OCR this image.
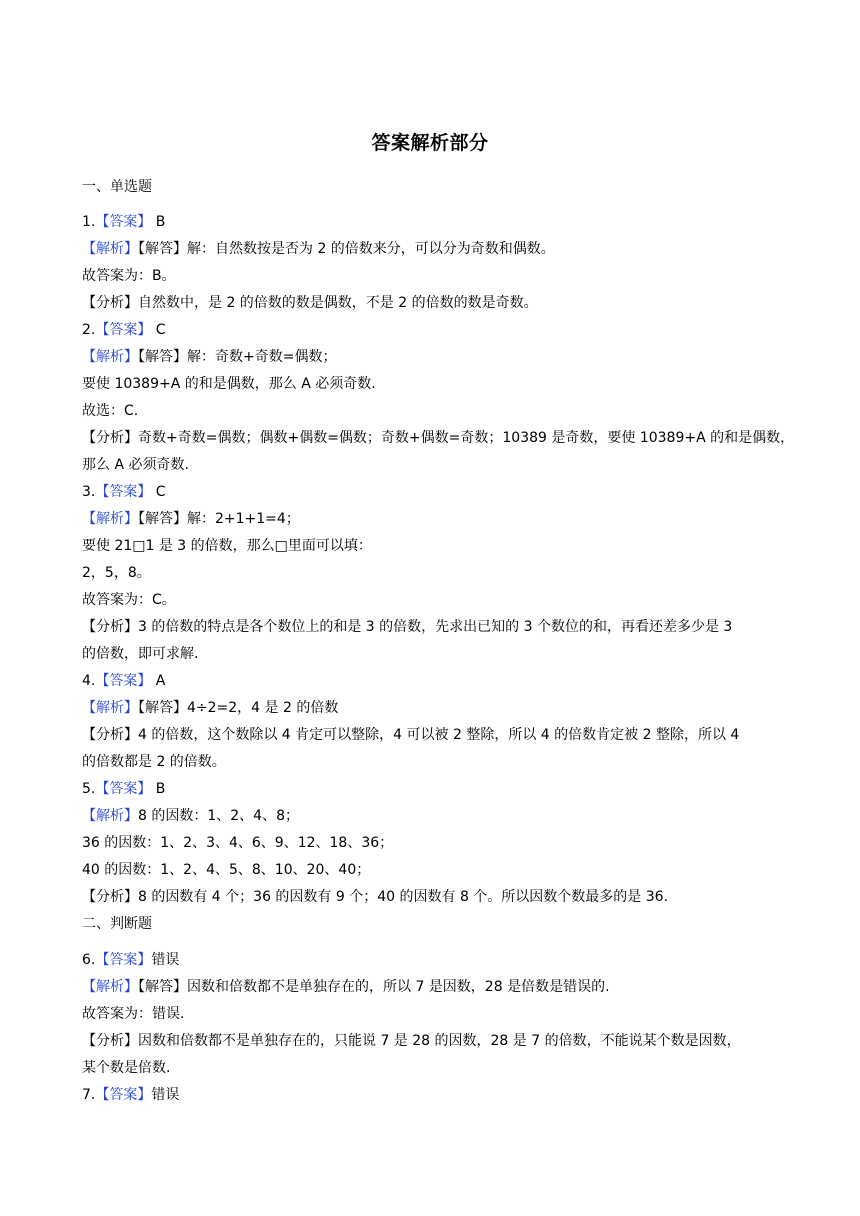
答案解析部分
一、单选题
1.【答案】 B
【解析】【解答】解：自然数按是否为 2 的倍数来分，可以分为奇数和偶数。
故答案为：B。
【分析】自然数中，是 2 的倍数的数是偶数，不是 2 的倍数的数是奇数。
2.【答案】 C
【解析】【解答】解：奇数+奇数=偶数；
要使 10389+A 的和是偶数，那么 A 必须奇数.
故选：C.
【分析】奇数+奇数=偶数；偶数+偶数=偶数；奇数+偶数=奇数；10389 是奇数，要使 10389+A 的和是偶数，
那么 A 必须奇数.
3.【答案】 C
【解析】【解答】解：2+1+1=4；
要使 21□1 是 3 的倍数，那么□里面可以填：
2，5，8。
故答案为：C。
【分析】3 的倍数的特点是各个数位上的和是 3 的倍数，先求出已知的 3 个数位的和，再看还差多少是 3
的倍数，即可求解.
4.【答案】 A
【解析】【解答】4÷2=2，4 是 2 的倍数
【分析】4 的倍数，这个数除以 4 肯定可以整除，4 可以被 2 整除，所以 4 的倍数肯定被 2 整除，所以 4
的倍数都是 2 的倍数。
5.【答案】 B
【解析】8 的因数：1、2、4、8；
36 的因数：1、2、3、4、6、9、12、18、36；
40 的因数：1、2、4、5、8、10、20、40；
【分析】8 的因数有 4 个；36 的因数有 9 个；40 的因数有 8 个。所以因数个数最多的是 36.
二、判断题
6.【答案】错误
【解析】【解答】因数和倍数都不是单独存在的，所以 7 是因数，28 是倍数是错误的.
故答案为：错误.
【分析】因数和倍数都不是单独存在的，只能说 7 是 28 的因数，28 是 7 的倍数，不能说某个数是因数，
某个数是倍数.
7.【答案】错误
